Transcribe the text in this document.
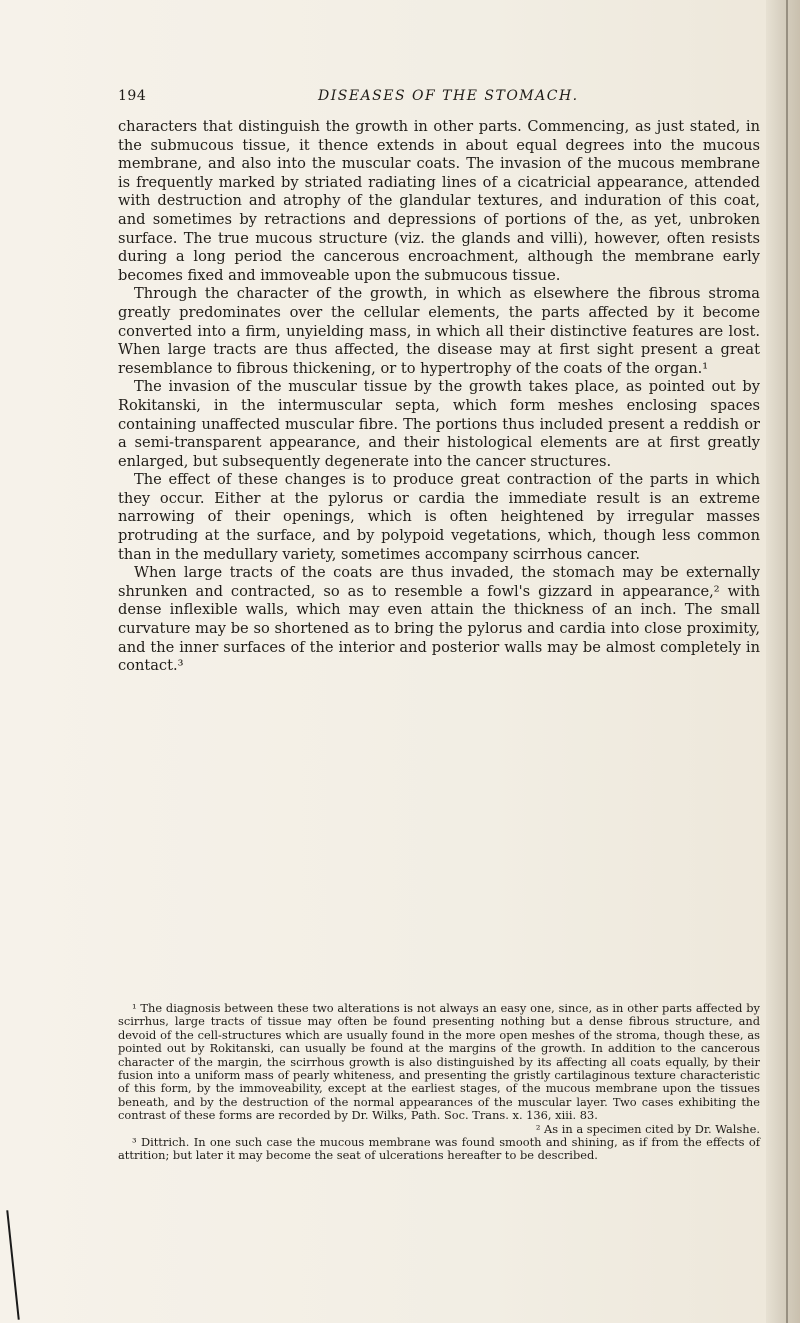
194	DISEASES OF THE STOMACH.

characters that distinguish the growth in other parts. Commencing, as just stated, in the submucous tissue, it thence extends in about equal degrees into the mucous membrane, and also into the muscular coats. The invasion of the mucous membrane is frequently marked by striated radiating lines of a cicatricial appearance, attended with destruction and atrophy of the glandular textures, and induration of this coat, and sometimes by retractions and depressions of portions of the, as yet, unbroken surface. The true mucous structure (viz. the glands and villi), however, often resists during a long period the cancerous encroachment, although the membrane early becomes fixed and immoveable upon the submucous tissue.

Through the character of the growth, in which as elsewhere the fibrous stroma greatly predominates over the cellular elements, the parts affected by it become converted into a firm, unyielding mass, in which all their distinctive features are lost. When large tracts are thus affected, the disease may at first sight present a great resemblance to fibrous thickening, or to hypertrophy of the coats of the organ.¹

The invasion of the muscular tissue by the growth takes place, as pointed out by Rokitanski, in the intermuscular septa, which form meshes enclosing spaces containing unaffected muscular fibre. The portions thus included present a reddish or a semi-transparent appearance, and their histological elements are at first greatly enlarged, but subsequently degenerate into the cancer structures.

The effect of these changes is to produce great contraction of the parts in which they occur. Either at the pylorus or cardia the immediate result is an extreme narrowing of their openings, which is often heightened by irregular masses protruding at the surface, and by polypoid vegetations, which, though less common than in the medullary variety, sometimes accompany scirrhous cancer.

When large tracts of the coats are thus invaded, the stomach may be externally shrunken and contracted, so as to resemble a fowl's gizzard in appearance,² with dense inflexible walls, which may even attain the thickness of an inch. The small curvature may be so shortened as to bring the pylorus and cardia into close proximity, and the inner surfaces of the interior and posterior walls may be almost completely in contact.³

¹ The diagnosis between these two alterations is not always an easy one, since, as in other parts affected by scirrhus, large tracts of tissue may often be found presenting nothing but a dense fibrous structure, and devoid of the cell-structures which are usually found in the more open meshes of the stroma, though these, as pointed out by Rokitanski, can usually be found at the margins of the growth. In addition to the cancerous character of the margin, the scirrhous growth is also distinguished by its affecting all coats equally, by their fusion into a uniform mass of pearly whiteness, and presenting the gristly cartilaginous texture characteristic of this form, by the immoveability, except at the earliest stages, of the mucous membrane upon the tissues beneath, and by the destruction of the normal appearances of the muscular layer. Two cases exhibiting the contrast of these forms are recorded by Dr. Wilks, Path. Soc. Trans. x. 136, xiii. 83.

² As in a specimen cited by Dr. Walshe.

³ Dittrich. In one such case the mucous membrane was found smooth and shining, as if from the effects of attrition; but later it may become the seat of ulcerations hereafter to be described.
